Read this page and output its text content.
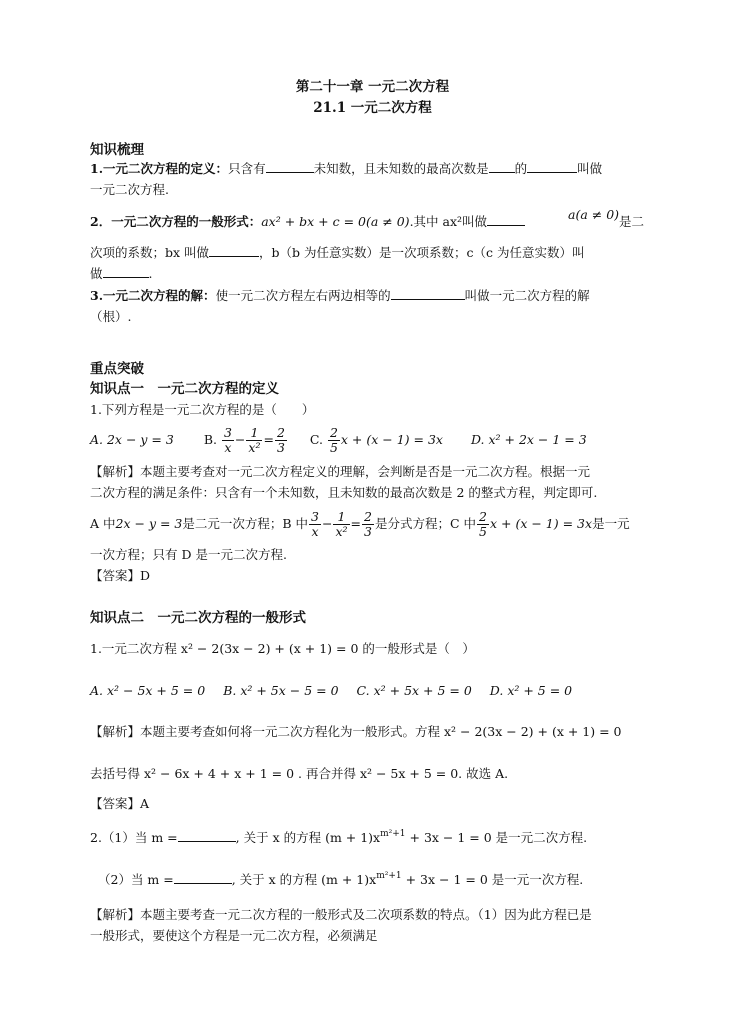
第二十一章 一元二次方程
21.1 一元二次方程
知识梳理
1.一元二次方程的定义：只含有	未知数，且未知数的最高次数是 的	叫做
一元二次方程.
2．一元二次方程的一般形式：ax² + bx + c = 0(a ≠ 0).其中 ax²叫做	a(a ≠ 0)是二
次项的系数；bx 叫做	，b（b 为任意实数）是一次项系数；c（c 为任意实数）叫
做	.
3.一元二次方程的解：使一元二次方程左右两边相等的	叫做一元二次方程的解
（根）.
重点突破
知识点一　一元二次方程的定义
1.下列方程是一元二次方程的是（　　）
A. 2x − y = 3 B. $\frac{3}{x} - \frac{1}{\text{x²}} = \frac{2}{3} C$. $\frac{2}{5}$ x + (x − 1) = 3x D. x² + 2x − 1 = 3
【解析】本题主要考查对一元二次方程定义的理解，会判断是否是一元二次方程。根据一元
二次方程的满足条件：只含有一个未知数，且未知数的最高次数是 2 的整式方程，判定即可.
A 中2x − y = 3是二元一次方程；B 中 $\frac{3}{x} - \frac{1}{\text{x²}} = \frac{2}{3}$ 是分式方程；C 中 $\frac{2}{5}$ x + (x − 1) = 3x是一元
一次方程；只有 D 是一元二次方程.
【答案】D
知识点二　一元二次方程的一般形式
1.一元二次方程 x² − 2(3x − 2) + (x + 1) = 0 的一般形式是（　）
A. x² − 5x + 5 = 0 B. x² + 5x − 5 = 0 C. x² + 5x + 5 = 0 D. x² + 5 = 0
【解析】本题主要考查如何将一元二次方程化为一般形式。方程 x² − 2(3x − 2) + (x + 1) = 0
去括号得 x² − 6x + 4 + x + 1 = 0 . 再合并得 x² − 5x + 5 = 0. 故选 A.
【答案】A
2.（1）当 m =	, 关于 x 的方程 $(m + 1)x^{m^2+1} + 3x - 1 = 0$ 是一元二次方程.
（2）当 m =	, 关于 x 的方程 $(m + 1)x^{m^2+1} + 3x - 1 = 0$ 是一元一次方程.
【解析】本题主要考查一元二次方程的一般形式及二次项系数的特点。（1）因为此方程已是
一般形式，要使这个方程是一元二次方程，必须满足
